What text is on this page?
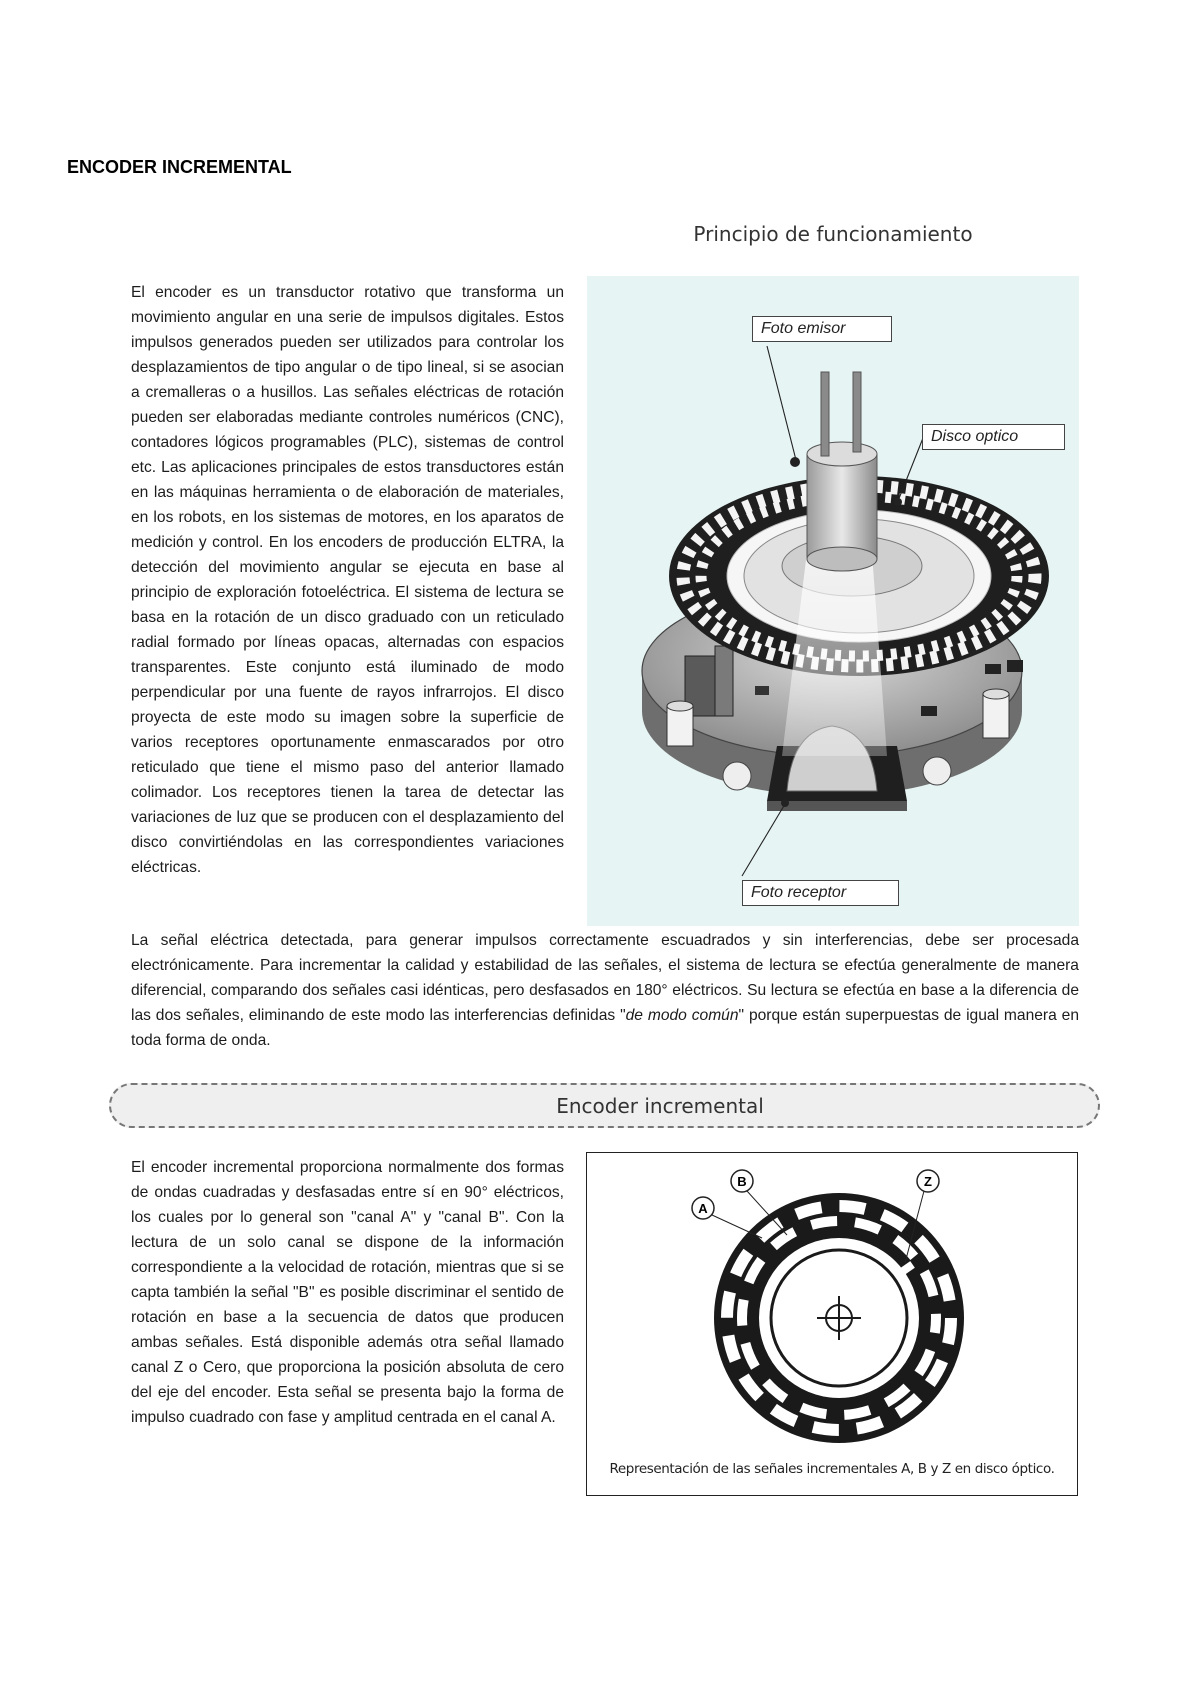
ENCODER INCREMENTAL
Principio de funcionamiento
El encoder es un transductor rotativo que transforma un movimiento angular en una serie de impulsos digitales. Estos impulsos generados pueden ser utilizados para controlar los desplazamientos de tipo angular o de tipo lineal, si se asocian a cremalleras o a husillos. Las señales eléctricas de rotación pueden ser elaboradas mediante controles numéricos (CNC), contadores lógicos programables (PLC), sistemas de control etc. Las aplicaciones principales de estos transductores están en las máquinas herramienta o de elaboración de materiales, en los robots, en los sistemas de motores, en los aparatos de medición y control. En los encoders de producción ELTRA, la detección del movimiento angular se ejecuta en base al principio de exploración fotoeléctrica. El sistema de lectura se basa en la rotación de un disco graduado con un reticulado radial formado por líneas opacas, alternadas con espacios transparentes. Este conjunto está iluminado de modo perpendicular por una fuente de rayos infrarrojos. El disco proyecta de este modo su imagen sobre la superficie de varios receptores oportunamente enmascarados por otro reticulado que tiene el mismo paso del anterior llamado colimador. Los receptores tienen la tarea de detectar las variaciones de luz que se producen con el desplazamiento del disco convirtiéndolas en las correspondientes variaciones eléctricas.
Foto emisor
Disco optico
Foto receptor
La señal eléctrica detectada, para generar impulsos correctamente escuadrados y sin interferencias, debe ser procesada electrónicamente. Para incrementar la calidad y estabilidad de las señales, el sistema de lectura se efectúa generalmente de manera diferencial, comparando dos señales casi idénticas, pero desfasados en 180° eléctricos. Su lectura se efectúa en base a la diferencia de las dos señales, eliminando de este modo las interferencias definidas "de modo común" porque están superpuestas de igual manera en toda forma de onda.
Encoder incremental
El encoder incremental proporciona normalmente dos formas de ondas cuadradas y desfasadas entre sí en 90° eléctricos, los cuales por lo general son "canal A" y "canal B". Con la lectura de un solo canal se dispone de la información correspondiente a la velocidad de rotación, mientras que si se capta también la señal "B" es posible discriminar el sentido de rotación en base a la secuencia de datos que producen ambas señales. Está disponible además otra señal llamado canal Z o Cero, que proporciona la posición absoluta de cero del eje del encoder. Esta señal se presenta bajo la forma de impulso cuadrado con fase y amplitud centrada en el canal A.
A
B	Z
Representación de las señales incrementales A, B y Z en disco óptico.
